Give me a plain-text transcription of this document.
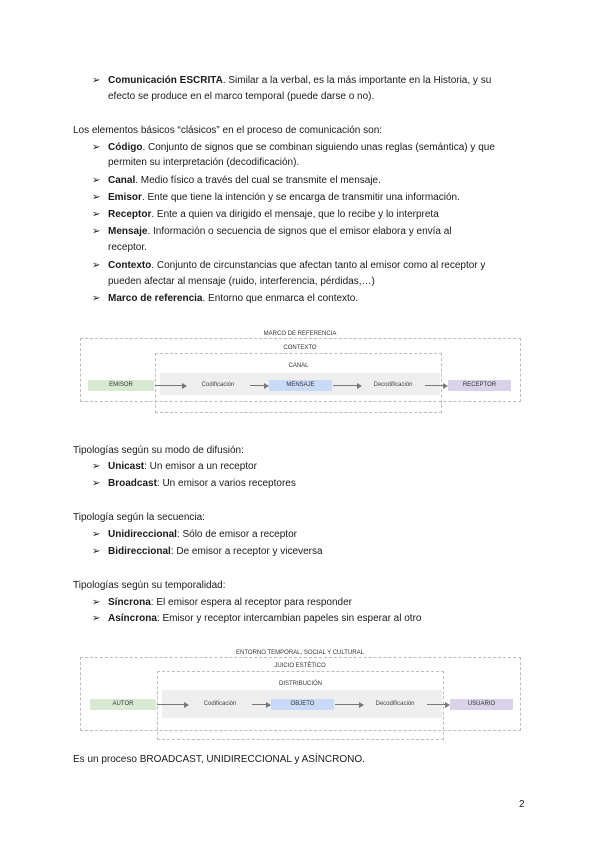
➢ Comunicación ESCRITA. Similar a la verbal, es la más importante en la Historia, y su
efecto se produce en el marco temporal (puede darse o no).
Los elementos básicos “clásicos” en el proceso de comunicación son:
➢ Código. Conjunto de signos que se combinan siguiendo unas reglas (semántica) y que
permiten su interpretación (decodificación).
➢ Canal. Medio físico a través del cual se transmite el mensaje.
➢ Emisor. Ente que tiene la intención y se encarga de transmitir una información.
➢ Receptor. Ente a quien va dirigido el mensaje, que lo recibe y lo interpreta
➢ Mensaje. Información o secuencia de signos que el emisor elabora y envía al
receptor.
➢ Contexto. Conjunto de circunstancias que afectan tanto al emisor como al receptor y
pueden afectar al mensaje (ruido, interferencia, pérdidas,…)
➢ Marco de referencia. Entorno que enmarca el contexto.
MARCO DE REFERENCIA
CONTEXTO
CANAL
EMISOR	Codificación	MENSAJE	Decodificación	RECEPTOR
Tipologías según su modo de difusión:
➢ Unicast: Un emisor a un receptor
➢ Broadcast: Un emisor a varios receptores
Tipología según la secuencia:
➢ Unidireccional: Sólo de emisor a receptor
➢ Bidireccional: De emisor a receptor y viceversa
Tipologías según su temporalidad:
➢ Síncrona: El emisor espera al receptor para responder
➢ Asíncrona: Emisor y receptor intercambian papeles sin esperar al otro
ENTORNO TEMPORAL, SOCIAL Y CULTURAL
JUICIO ESTÉTICO
DISTRIBUCIÓN
AUTOR	Codificación	OBJETO	Decodificación	USUARIO
Es un proceso BROADCAST, UNIDIRECCIONAL y ASÍNCRONO.
2
